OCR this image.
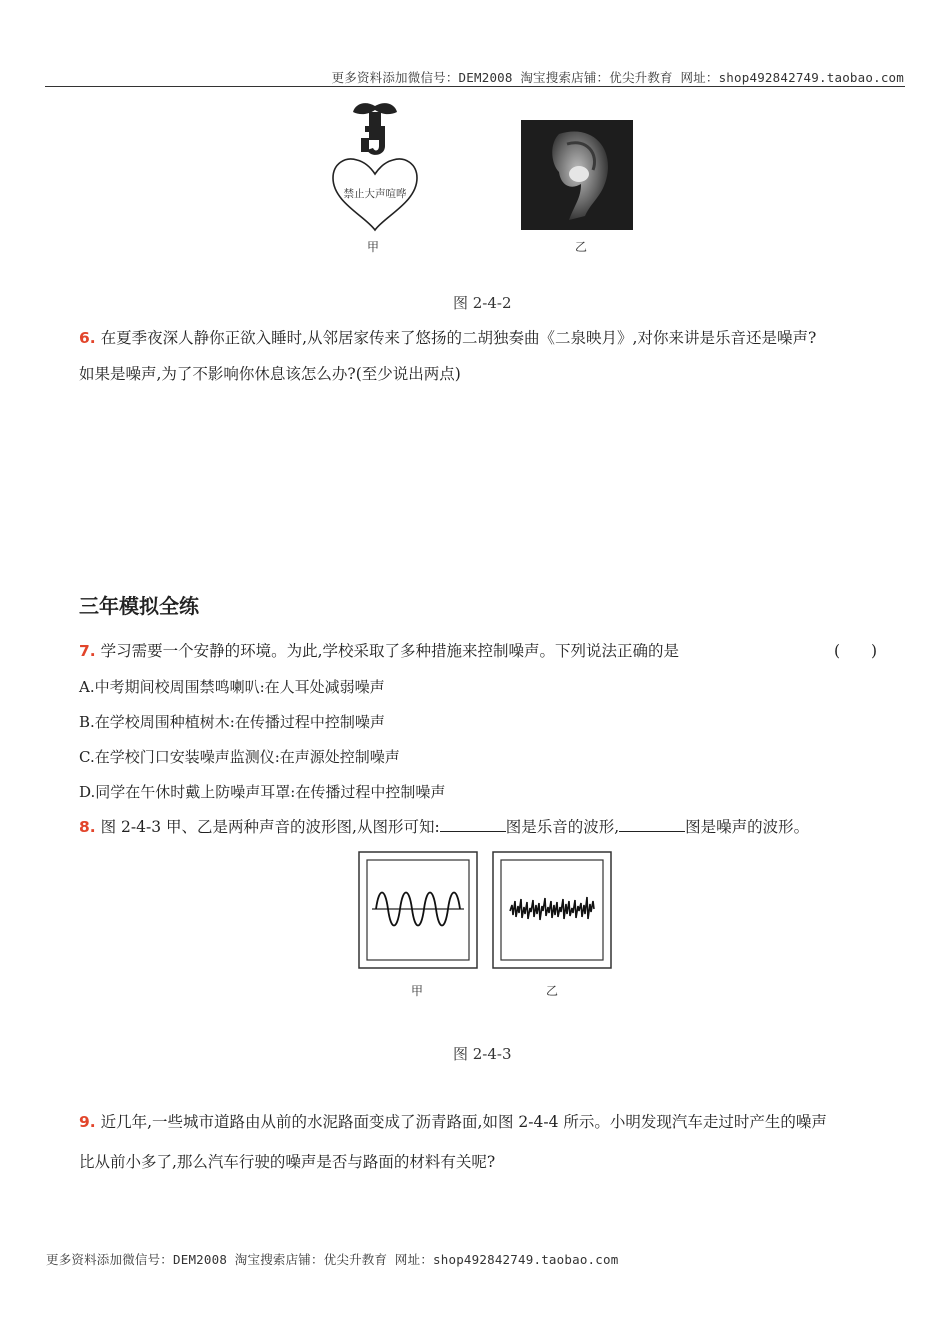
更多资料添加微信号：DEM2008 淘宝搜索店铺：优尖升教育 网址：shop492842749.taobao.com
禁止大声喧哗
甲	乙
图 2-4-2
6. 在夏季夜深人静你正欲入睡时,从邻居家传来了悠扬的二胡独奏曲《二泉映月》,对你来讲是乐音还是噪声?
如果是噪声,为了不影响你休息该怎么办?(至少说出两点)
三年模拟全练
7. 学习需要一个安静的环境。为此,学校采取了多种措施来控制噪声。下列说法正确的是	(　　)
A.中考期间校周围禁鸣喇叭:在人耳处减弱噪声
B.在学校周围种植树木:在传播过程中控制噪声
C.在学校门口安装噪声监测仪:在声源处控制噪声
D.同学在午休时戴上防噪声耳罩:在传播过程中控制噪声
8. 图 2-4-3 甲、乙是两种声音的波形图,从图形可知:	图是乐音的波形,	图是噪声的波形。
甲	乙
图 2-4-3
9. 近几年,一些城市道路由从前的水泥路面变成了沥青路面,如图 2-4-4 所示。小明发现汽车走过时产生的噪声
比从前小多了,那么汽车行驶的噪声是否与路面的材料有关呢?
更多资料添加微信号：DEM2008 淘宝搜索店铺：优尖升教育 网址：shop492842749.taobao.com
